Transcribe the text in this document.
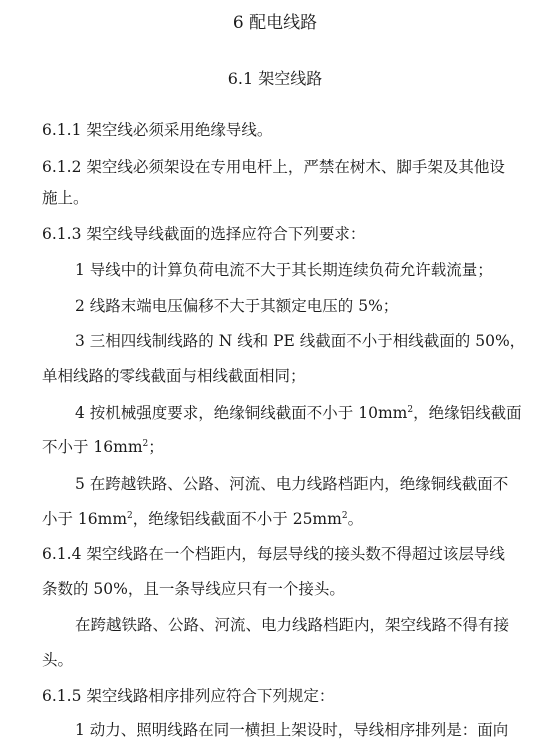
6 配电线路
6.1 架空线路
6.1.1 架空线必须采用绝缘导线。
6.1.2 架空线必须架设在专用电杆上，严禁在树木、脚手架及其他设
施上。
6.1.3 架空线导线截面的选择应符合下列要求：
1 导线中的计算负荷电流不大于其长期连续负荷允许载流量；
2 线路末端电压偏移不大于其额定电压的 5%；
3 三相四线制线路的 N 线和 PE 线截面不小于相线截面的 50%，
单相线路的零线截面与相线截面相同；
4 按机械强度要求，绝缘铜线截面不小于 $10mm^2$，绝缘铝线截面
不小于 $16mm^2$；
5 在跨越铁路、公路、河流、电力线路档距内，绝缘铜线截面不
小于 $16mm^2$，绝缘铝线截面不小于 $25mm^2$。
6.1.4 架空线路在一个档距内，每层导线的接头数不得超过该层导线
条数的 50%，且一条导线应只有一个接头。
在跨越铁路、公路、河流、电力线路档距内，架空线路不得有接
头。
6.1.5 架空线路相序排列应符合下列规定：
1 动力、照明线路在同一横担上架设时，导线相序排列是：面向
